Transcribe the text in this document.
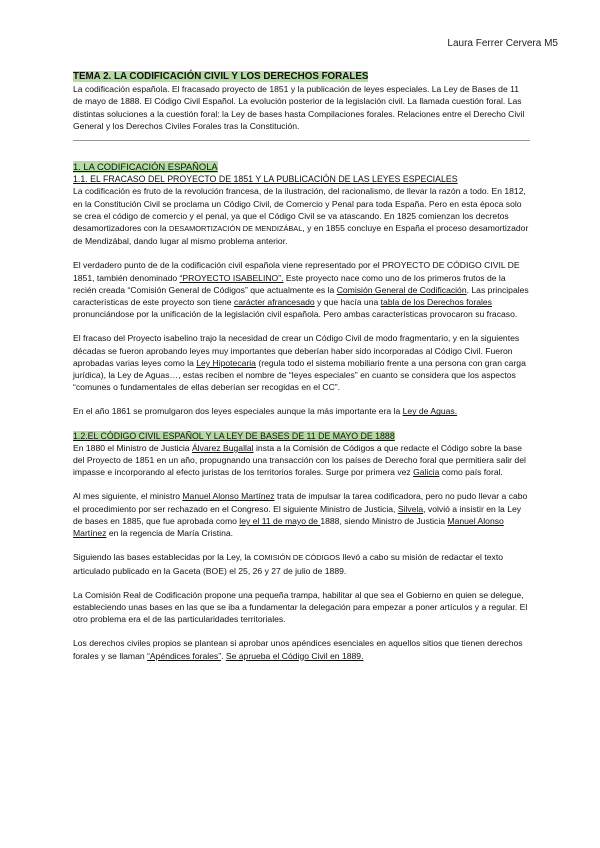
Laura Ferrer Cervera M5
TEMA 2. LA CODIFICACIÓN CIVIL Y LOS DERECHOS FORALES

La codificación española. El fracasado proyecto de 1851 y la publicación de leyes especiales. La Ley de Bases de 11 de mayo de 1888. El Código Civil Español. La evolución posterior de la legislación civil. La llamada cuestión foral. Las distintas soluciones a la cuestión foral: la Ley de bases hasta Compilaciones forales. Relaciones entre el Derecho Civil General y los Derechos Civiles Forales tras la Constitución.

1. LA CODIFICACIÓN ESPAÑOLA
1.1. EL FRACASO DEL PROYECTO DE 1851 Y LA PUBLICACIÓN DE LAS LEYES ESPECIALES

La codificación es fruto de la revolución francesa, de la ilustración, del racionalismo, de llevar la razón a todo. En 1812, en la Constitución Civil se proclama un Código Civil, de Comercio y Penal para toda España. Pero en esta época solo se crea el código de comercio y el penal, ya que el Código Civil se va atascando. En 1825 comienzan los decretos desamortizadores con la DESAMORTIZACIÓN DE MENDIZÁBAL, y en 1855 concluye en España el proceso desamortizador de Mendizábal, dando lugar al mismo problema anterior.

El verdadero punto de de la codificación civil española viene representado por el PROYECTO DE CÓDIGO CIVIL DE 1851, también denominado “PROYECTO ISABELINO”. Este proyecto nace como uno de los primeros frutos de la recién creada “Comisión General de Códigos” que actualmente es la Comisión General de Codificación. Las principales características de este proyecto son tiene carácter afrancesado y que hacía una tabla de los Derechos forales pronunciándose por la unificación de la legislación civil española. Pero ambas características provocaron su fracaso.

El fracaso del Proyecto isabelino trajo la necesidad de crear un Código Civil de modo fragmentario, y en la siguientes décadas se fueron aprobando leyes muy importantes que deberían haber sido incorporadas al Código Civil. Fueron aprobadas varias leyes como la Ley Hipotecaria (regula todo el sistema mobiliario frente a una persona con gran carga jurídica), la Ley de Aguas…, estas reciben el nombre de “leyes especiales” en cuanto se considera que los aspectos “comunes o fundamentales de ellas deberían ser recogidas en el CC”.

En el año 1861 se promulgaron dos leyes especiales aunque la más importante era la Ley de Aguas.

1.2.EL CÓDIGO CIVIL ESPAÑOL Y LA LEY DE BASES DE 11 DE MAYO DE 1888

En 1880 el Ministro de Justicia Álvarez Bugallal insta a la Comisión de Códigos a que redacte el Código sobre la base del Proyecto de 1851 en un año, propugnando una transacción con los países de Derecho foral que permitiera salir del impasse e incorporando al efecto juristas de los territorios forales. Surge por primera vez Galicia como país foral.

Al mes siguiente, el ministro Manuel Alonso Martínez trata de impulsar la tarea codificadora, pero no pudo llevar a cabo el procedimiento por ser rechazado en el Congreso. El siguiente Ministro de Justicia, Silvela, volvió a insistir en la Ley de bases en 1885, que fue aprobada como ley el 11 de mayo de 1888, siendo Ministro de Justicia Manuel Alonso Martínez en la regencia de María Cristina.

Siguiendo las bases establecidas por la Ley, la COMISIÓN DE CÓDIGOS llevó a cabo su misión de redactar el texto articulado publicado en la Gaceta (BOE) el 25, 26 y 27 de julio de 1889.

La Comisión Real de Codificación propone una pequeña trampa, habilitar al que sea el Gobierno en quien se delegue, estableciendo unas bases en las que se iba a fundamentar la delegación para empezar a poner artículos y a regular. El otro problema era el de las particularidades territoriales.

Los derechos civiles propios se plantean si aprobar unos apéndices esenciales en aquellos sitios que tienen derechos forales y se llaman “Apéndices forales”. Se aprueba el Código Civil en 1889.
